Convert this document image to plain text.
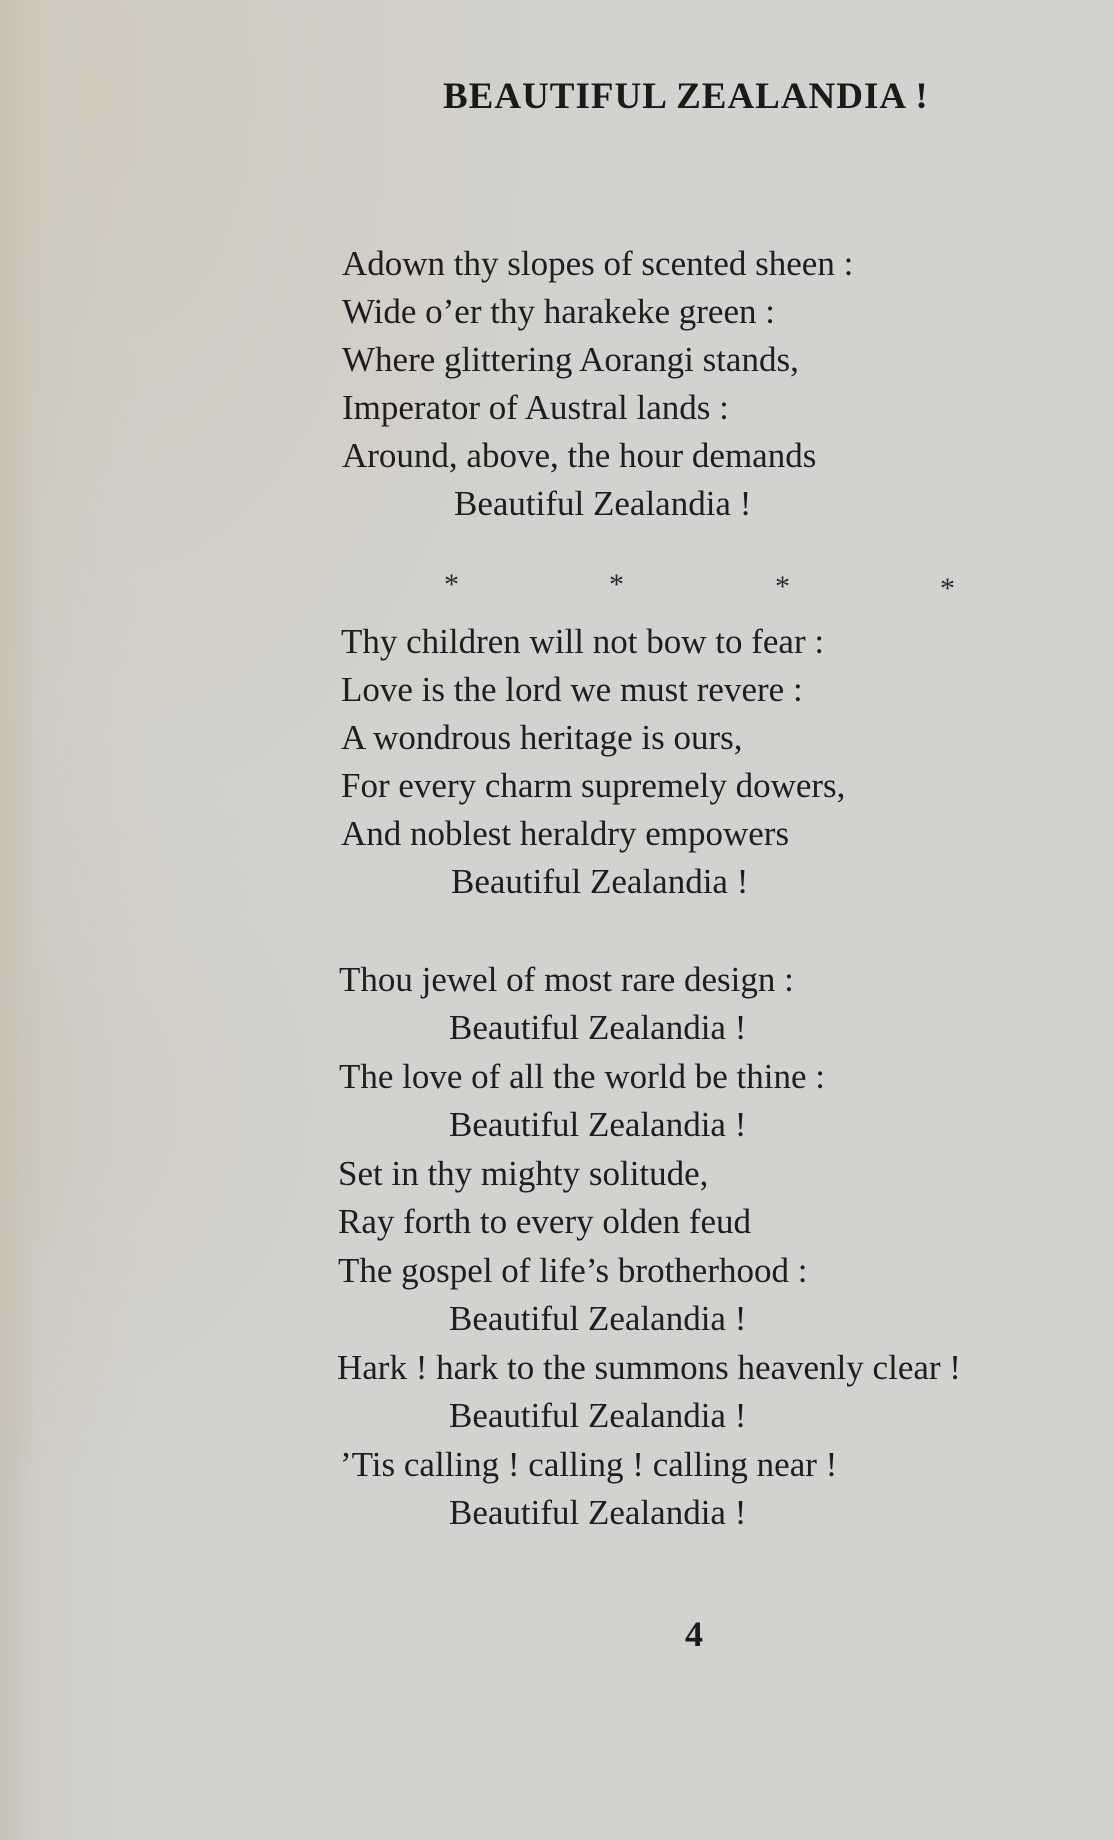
BEAUTIFUL ZEALANDIA !
Adown thy slopes of scented sheen :
Wide o’er thy harakeke green :
Where glittering Aorangi stands,
Imperator of Austral lands :
Around, above, the hour demands
Beautiful Zealandia !
*	*	*	*
Thy children will not bow to fear :
Love is the lord we must revere :
A wondrous heritage is ours,
For every charm supremely dowers,
And noblest heraldry empowers
Beautiful Zealandia !
Thou jewel of most rare design :
Beautiful Zealandia !
The love of all the world be thine :
Beautiful Zealandia !
Set in thy mighty solitude,
Ray forth to every olden feud
The gospel of life’s brotherhood :
Beautiful Zealandia !
Hark ! hark to the summons heavenly clear !
Beautiful Zealandia !
’Tis calling ! calling ! calling near !
Beautiful Zealandia !
4
